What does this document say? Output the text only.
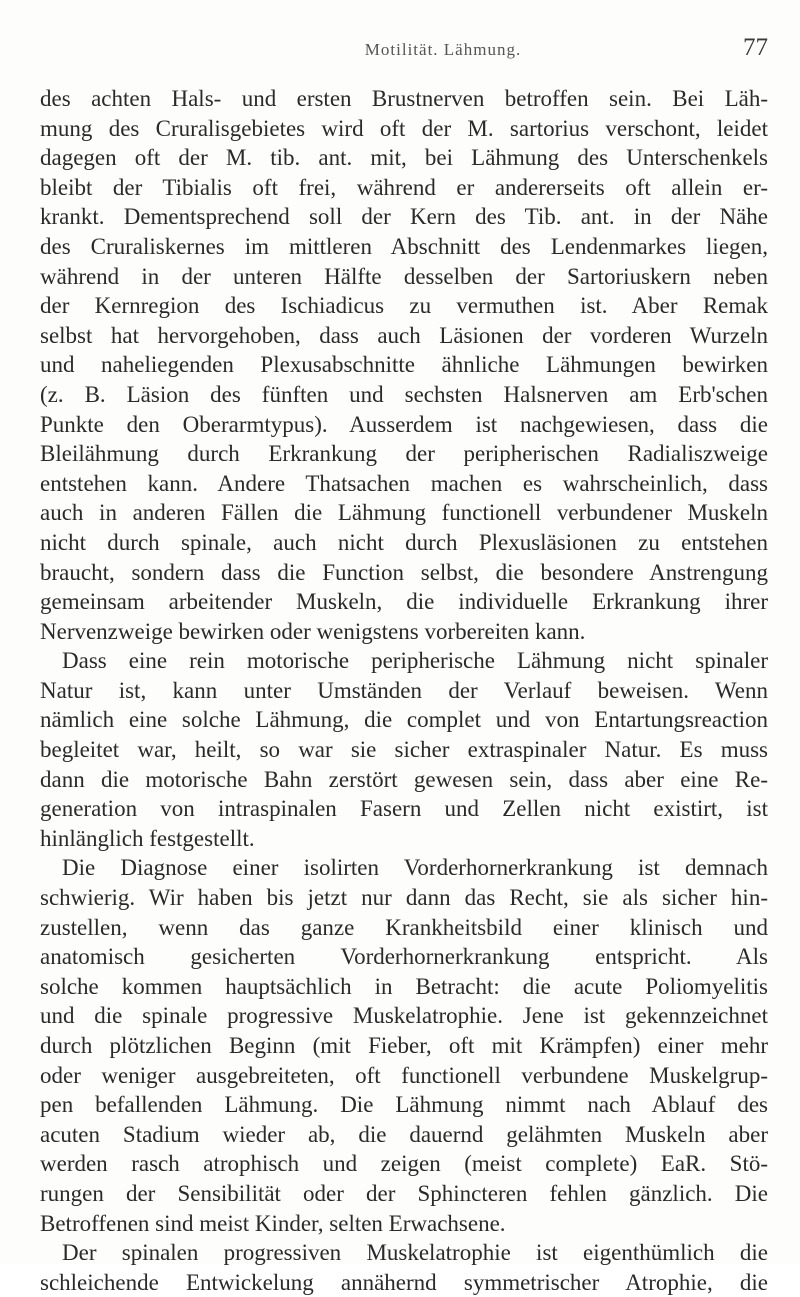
Motilität. Lähmung.	77
des achten Hals- und ersten Brustnerven betroffen sein. Bei Läh-
mung des Cruralisgebietes wird oft der M. sartorius verschont, leidet
dagegen oft der M. tib. ant. mit, bei Lähmung des Unterschenkels
bleibt der Tibialis oft frei, während er andererseits oft allein er-
krankt. Dementsprechend soll der Kern des Tib. ant. in der Nähe
des Cruraliskernes im mittleren Abschnitt des Lendenmarkes liegen,
während in der unteren Hälfte desselben der Sartoriuskern neben
der Kernregion des Ischiadicus zu vermuthen ist. Aber Remak
selbst hat hervorgehoben, dass auch Läsionen der vorderen Wurzeln
und naheliegenden Plexusabschnitte ähnliche Lähmungen bewirken
(z. B. Läsion des fünften und sechsten Halsnerven am Erb'schen
Punkte den Oberarmtypus). Ausserdem ist nachgewiesen, dass die
Bleilähmung durch Erkrankung der peripherischen Radialiszweige
entstehen kann. Andere Thatsachen machen es wahrscheinlich, dass
auch in anderen Fällen die Lähmung functionell verbundener Muskeln
nicht durch spinale, auch nicht durch Plexusläsionen zu entstehen
braucht, sondern dass die Function selbst, die besondere Anstrengung
gemeinsam arbeitender Muskeln, die individuelle Erkrankung ihrer
Nervenzweige bewirken oder wenigstens vorbereiten kann.
Dass eine rein motorische peripherische Lähmung nicht spinaler
Natur ist, kann unter Umständen der Verlauf beweisen. Wenn
nämlich eine solche Lähmung, die complet und von Entartungsreaction
begleitet war, heilt, so war sie sicher extraspinaler Natur. Es muss
dann die motorische Bahn zerstört gewesen sein, dass aber eine Re-
generation von intraspinalen Fasern und Zellen nicht existirt, ist
hinlänglich festgestellt.
Die Diagnose einer isolirten Vorderhornerkrankung ist demnach
schwierig. Wir haben bis jetzt nur dann das Recht, sie als sicher hin-
zustellen, wenn das ganze Krankheitsbild einer klinisch und
anatomisch gesicherten Vorderhornerkrankung entspricht. Als
solche kommen hauptsächlich in Betracht: die acute Poliomyelitis
und die spinale progressive Muskelatrophie. Jene ist gekennzeichnet
durch plötzlichen Beginn (mit Fieber, oft mit Krämpfen) einer mehr
oder weniger ausgebreiteten, oft functionell verbundene Muskelgrup-
pen befallenden Lähmung. Die Lähmung nimmt nach Ablauf des
acuten Stadium wieder ab, die dauernd gelähmten Muskeln aber
werden rasch atrophisch und zeigen (meist complete) EaR. Stö-
rungen der Sensibilität oder der Sphincteren fehlen gänzlich. Die
Betroffenen sind meist Kinder, selten Erwachsene.
Der spinalen progressiven Muskelatrophie ist eigenthümlich die
schleichende Entwickelung annähernd symmetrischer Atrophie, die
